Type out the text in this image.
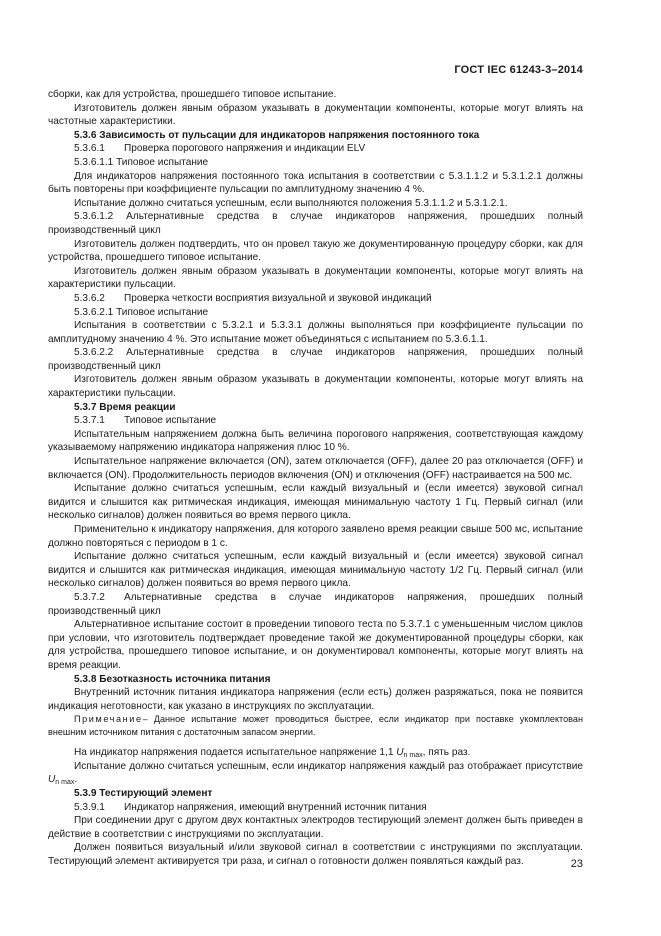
ГОСТ IEC 61243-3–2014

сборки, как для устройства, прошедшего типовое испытание.

Изготовитель должен явным образом указывать в документации компоненты, которые могут влиять на частотные характеристики.

5.3.6 Зависимость от пульсации для индикаторов напряжения постоянного тока

5.3.6.1 Проверка порогового напряжения и индикации ELV

5.3.6.1.1 Типовое испытание

Для индикаторов напряжения постоянного тока испытания в соответствии с 5.3.1.1.2 и 5.3.1.2.1 должны быть повторены при коэффициенте пульсации по амплитудному значению 4 %.

Испытание должно считаться успешным, если выполняются положения 5.3.1.1.2 и 5.3.1.2.1.

5.3.6.1.2 Альтернативные средства в случае индикаторов напряжения, прошедших полный производственный цикл

Изготовитель должен подтвердить, что он провел такую же документированную процедуру сборки, как для устройства, прошедшего типовое испытание.

Изготовитель должен явным образом указывать в документации компоненты, которые могут влиять на характеристики пульсации.

5.3.6.2 Проверка четкости восприятия визуальной и звуковой индикаций

5.3.6.2.1 Типовое испытание

Испытания в соответствии с 5.3.2.1 и 5.3.3.1 должны выполняться при коэффициенте пульсации по амплитудному значению 4 %. Это испытание может объединяться с испытанием по 5.3.6.1.1.

5.3.6.2.2 Альтернативные средства в случае индикаторов напряжения, прошедших полный производственный цикл

Изготовитель должен явным образом указывать в документации компоненты, которые могут влиять на характеристики пульсации.

5.3.7 Время реакции

5.3.7.1 Типовое испытание

Испытательным напряжением должна быть величина порогового напряжения, соответствующая каждому указываемому напряжению индикатора напряжения плюс 10 %.

Испытательное напряжение включается (ON), затем отключается (OFF), далее 20 раз отключается (OFF) и включается (ON). Продолжительность периодов включения (ON) и отключения (OFF) настраивается на 500 мс.

Испытание должно считаться успешным, если каждый визуальный и (если имеется) звуковой сигнал видится и слышится как ритмическая индикация, имеющая минимальную частоту 1 Гц. Первый сигнал (или несколько сигналов) должен появиться во время первого цикла.

Применительно к индикатору напряжения, для которого заявлено время реакции свыше 500 мс, испытание должно повторяться с периодом в 1 с.

Испытание должно считаться успешным, если каждый визуальный и (если имеется) звуковой сигнал видится и слышится как ритмическая индикация, имеющая минимальную частоту 1/2 Гц. Первый сигнал (или несколько сигналов) должен появиться во время первого цикла.

5.3.7.2 Альтернативные средства в случае индикаторов напряжения, прошедших полный производственный цикл

Альтернативное испытание состоит в проведении типового теста по 5.3.7.1 с уменьшенным числом циклов при условии, что изготовитель подтверждает проведение такой же документированной процедуры сборки, как для устройства, прошедшего типовое испытание, и он документировал компоненты, которые могут влиять на время реакции.

5.3.8 Безотказность источника питания

Внутренний источник питания индикатора напряжения (если есть) должен разряжаться, пока не появится индикация неготовности, как указано в инструкциях по эксплуатации.

Примечание– Данное испытание может проводиться быстрее, если индикатор при поставке укомплектован внешним источником питания с достаточным запасом энергии.

На индикатор напряжения подается испытательное напряжение 1,1 $U_{n max}$, пять раз.

Испытание должно считаться успешным, если индикатор напряжения каждый раз отображает присутствие $U_{n max}$.

5.3.9 Тестирующий элемент

5.3.9.1 Индикатор напряжения, имеющий внутренний источник питания

При соединении друг с другом двух контактных электродов тестирующий элемент должен быть приведен в действие в соответствии с инструкциями по эксплуатации.

Должен появиться визуальный и/или звуковой сигнал в соответствии с инструкциями по эксплуатации. Тестирующий элемент активируется три раза, и сигнал о готовности должен появляться каждый раз.	23
